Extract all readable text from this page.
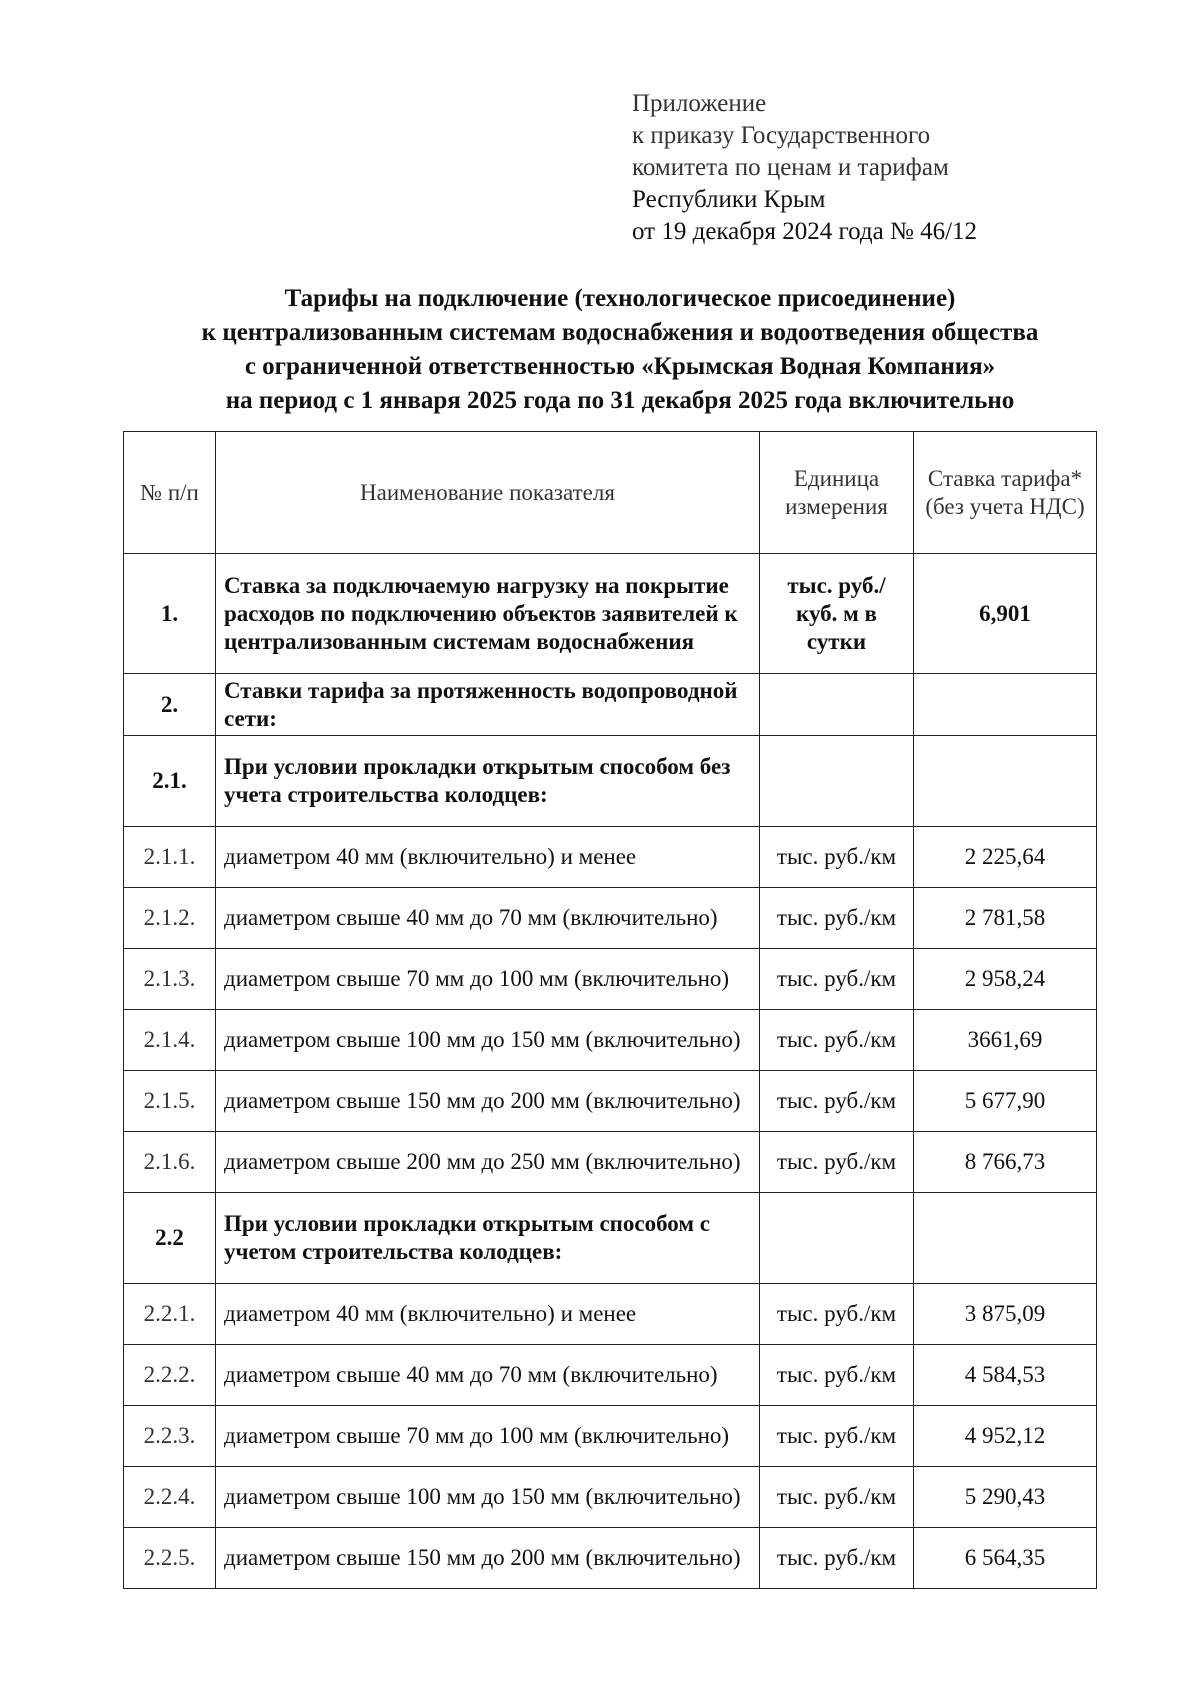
Приложение
к приказу Государственного
комитета по ценам и тарифам
Республики Крым
от 19 декабря 2024 года № 46/12
Тарифы на подключение (технологическое присоединение)
к централизованным системам водоснабжения и водоотведения общества
с ограниченной ответственностью «Крымская Водная Компания»
на период с 1 января 2025 года по 31 декабря 2025 года включительно
№ п/п	Наименование показателя	Единица измерения	Ставка тарифа* (без учета НДС)
1.	Ставка за подключаемую нагрузку на покрытие расходов по подключению объектов заявителей к централизованным системам водоснабжения	тыс. руб./ куб. м в сутки	6,901
2.	Ставки тарифа за протяженность водопроводной сети:		
2.1.	При условии прокладки открытым способом без учета строительства колодцев:		
2.1.1.	диаметром 40 мм (включительно) и менее	тыс. руб./км	2 225,64
2.1.2.	диаметром свыше 40 мм до 70 мм (включительно)	тыс. руб./км	2 781,58
2.1.3.	диаметром свыше 70 мм до 100 мм (включительно)	тыс. руб./км	2 958,24
2.1.4.	диаметром свыше 100 мм до 150 мм (включительно)	тыс. руб./км	3661,69
2.1.5.	диаметром свыше 150 мм до 200 мм (включительно)	тыс. руб./км	5 677,90
2.1.6.	диаметром свыше 200 мм до 250 мм (включительно)	тыс. руб./км	8 766,73
2.2	При условии прокладки открытым способом с учетом строительства колодцев:		
2.2.1.	диаметром 40 мм (включительно) и менее	тыс. руб./км	3 875,09
2.2.2.	диаметром свыше 40 мм до 70 мм (включительно)	тыс. руб./км	4 584,53
2.2.3.	диаметром свыше 70 мм до 100 мм (включительно)	тыс. руб./км	4 952,12
2.2.4.	диаметром свыше 100 мм до 150 мм (включительно)	тыс. руб./км	5 290,43
2.2.5.	диаметром свыше 150 мм до 200 мм (включительно)	тыс. руб./км	6 564,35
